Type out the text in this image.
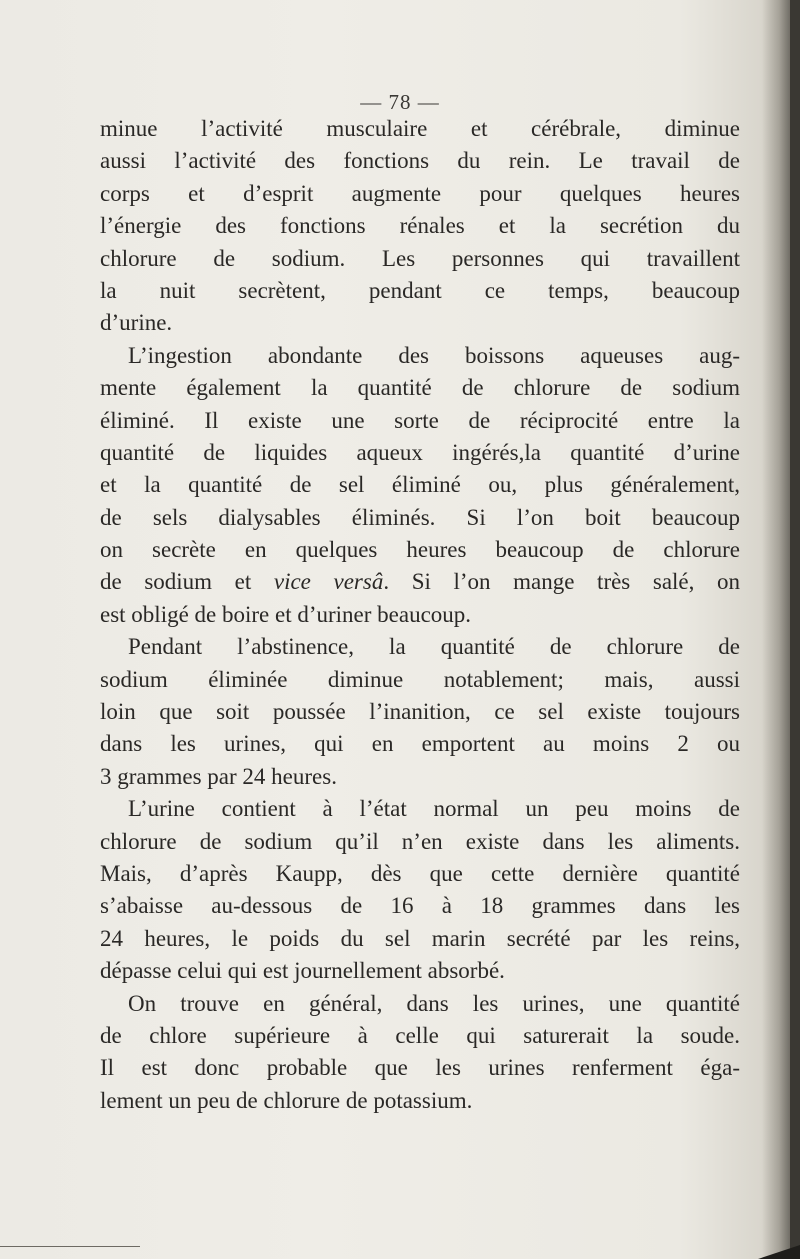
— 78 —
minue l’activité musculaire et cérébrale, diminue
aussi l’activité des fonctions du rein. Le travail de
corps et d’esprit augmente pour quelques heures
l’énergie des fonctions rénales et la secrétion du
chlorure de sodium. Les personnes qui travaillent
la nuit secrètent, pendant ce temps, beaucoup
d’urine.
L’ingestion abondante des boissons aqueuses aug-
mente également la quantité de chlorure de sodium
éliminé. Il existe une sorte de réciprocité entre la
quantité de liquides aqueux ingérés,la quantité d’urine
et la quantité de sel éliminé ou, plus généralement,
de sels dialysables éliminés. Si l’on boit beaucoup
on secrète en quelques heures beaucoup de chlorure
de sodium et vice versâ. Si l’on mange très salé, on
est obligé de boire et d’uriner beaucoup.
Pendant l’abstinence, la quantité de chlorure de
sodium éliminée diminue notablement; mais, aussi
loin que soit poussée l’inanition, ce sel existe toujours
dans les urines, qui en emportent au moins 2 ou
3 grammes par 24 heures.
L’urine contient à l’état normal un peu moins de
chlorure de sodium qu’il n’en existe dans les aliments.
Mais, d’après Kaupp, dès que cette dernière quantité
s’abaisse au-dessous de 16 à 18 grammes dans les
24 heures, le poids du sel marin secrété par les reins,
dépasse celui qui est journellement absorbé.
On trouve en général, dans les urines, une quantité
de chlore supérieure à celle qui saturerait la soude.
Il est donc probable que les urines renferment éga-
lement un peu de chlorure de potassium.
